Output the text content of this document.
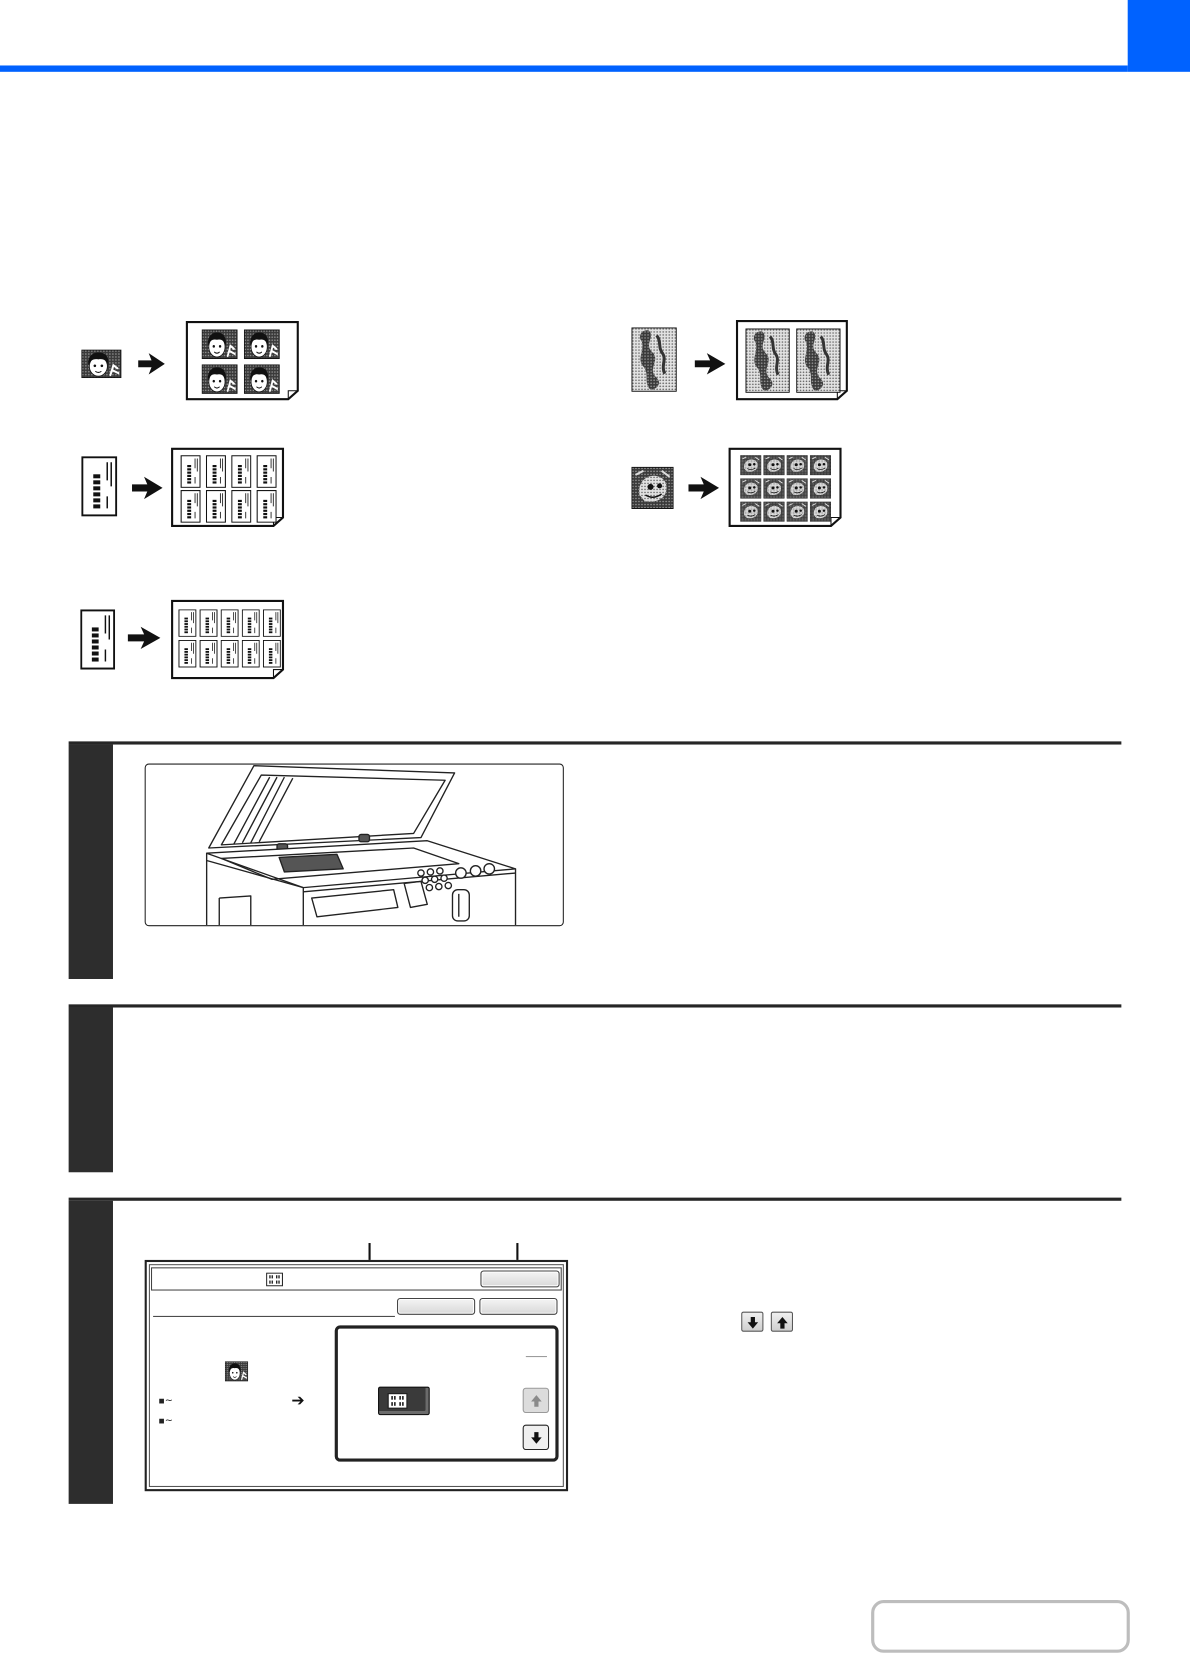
▪~
▪~
➔
